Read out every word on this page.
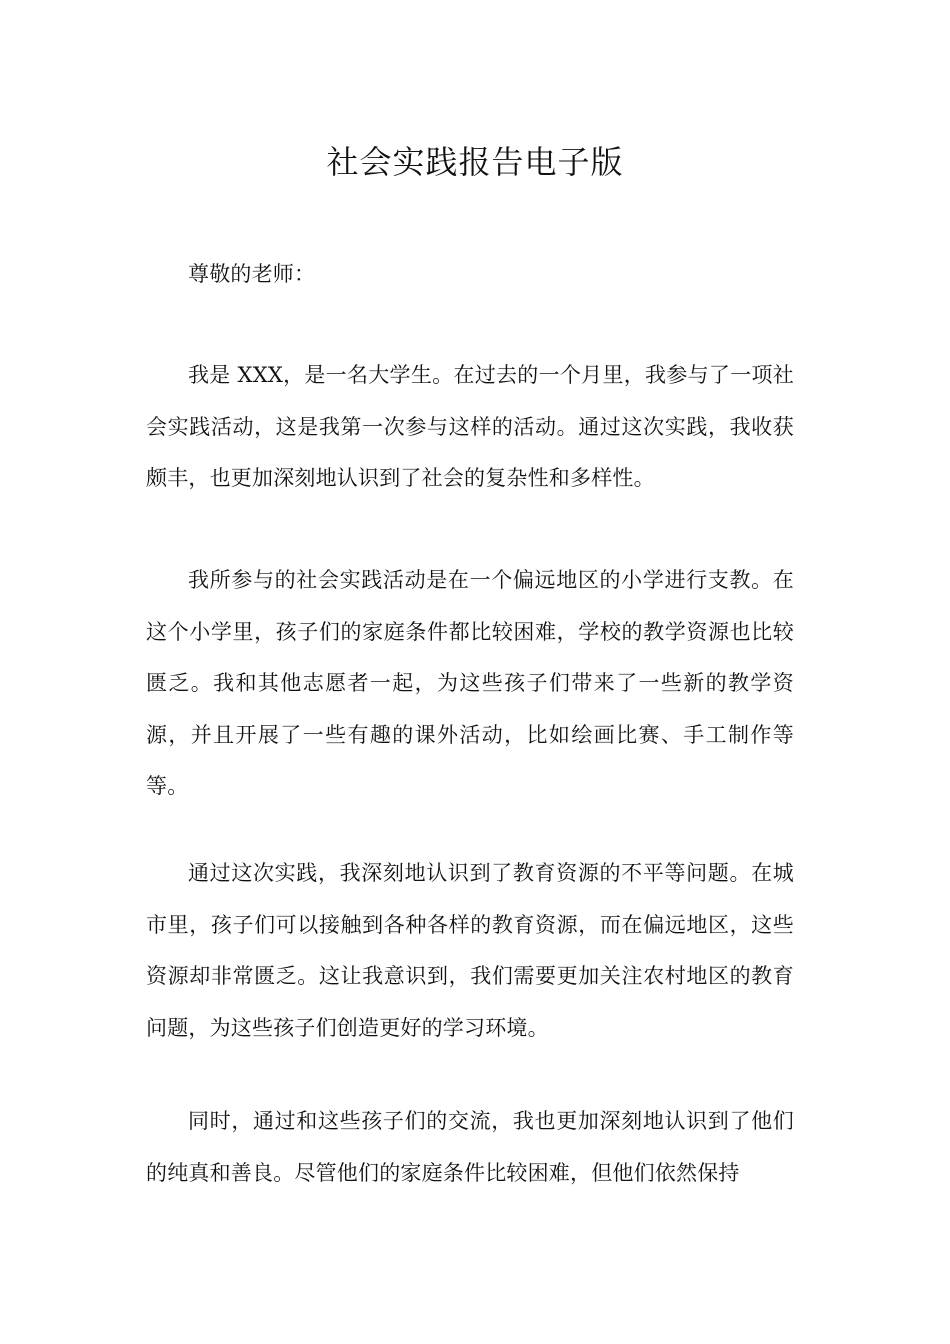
社会实践报告电子版

尊敬的老师：

我是 XXX，是一名大学生。在过去的一个月里，我参与了一项社会实践活动，这是我第一次参与这样的活动。通过这次实践，我收获颇丰，也更加深刻地认识到了社会的复杂性和多样性。

我所参与的社会实践活动是在一个偏远地区的小学进行支教。在这个小学里，孩子们的家庭条件都比较困难，学校的教学资源也比较匮乏。我和其他志愿者一起，为这些孩子们带来了一些新的教学资源，并且开展了一些有趣的课外活动，比如绘画比赛、手工制作等等。

通过这次实践，我深刻地认识到了教育资源的不平等问题。在城市里，孩子们可以接触到各种各样的教育资源，而在偏远地区，这些资源却非常匮乏。这让我意识到，我们需要更加关注农村地区的教育问题，为这些孩子们创造更好的学习环境。

同时，通过和这些孩子们的交流，我也更加深刻地认识到了他们的纯真和善良。尽管他们的家庭条件比较困难，但他们依然保持
